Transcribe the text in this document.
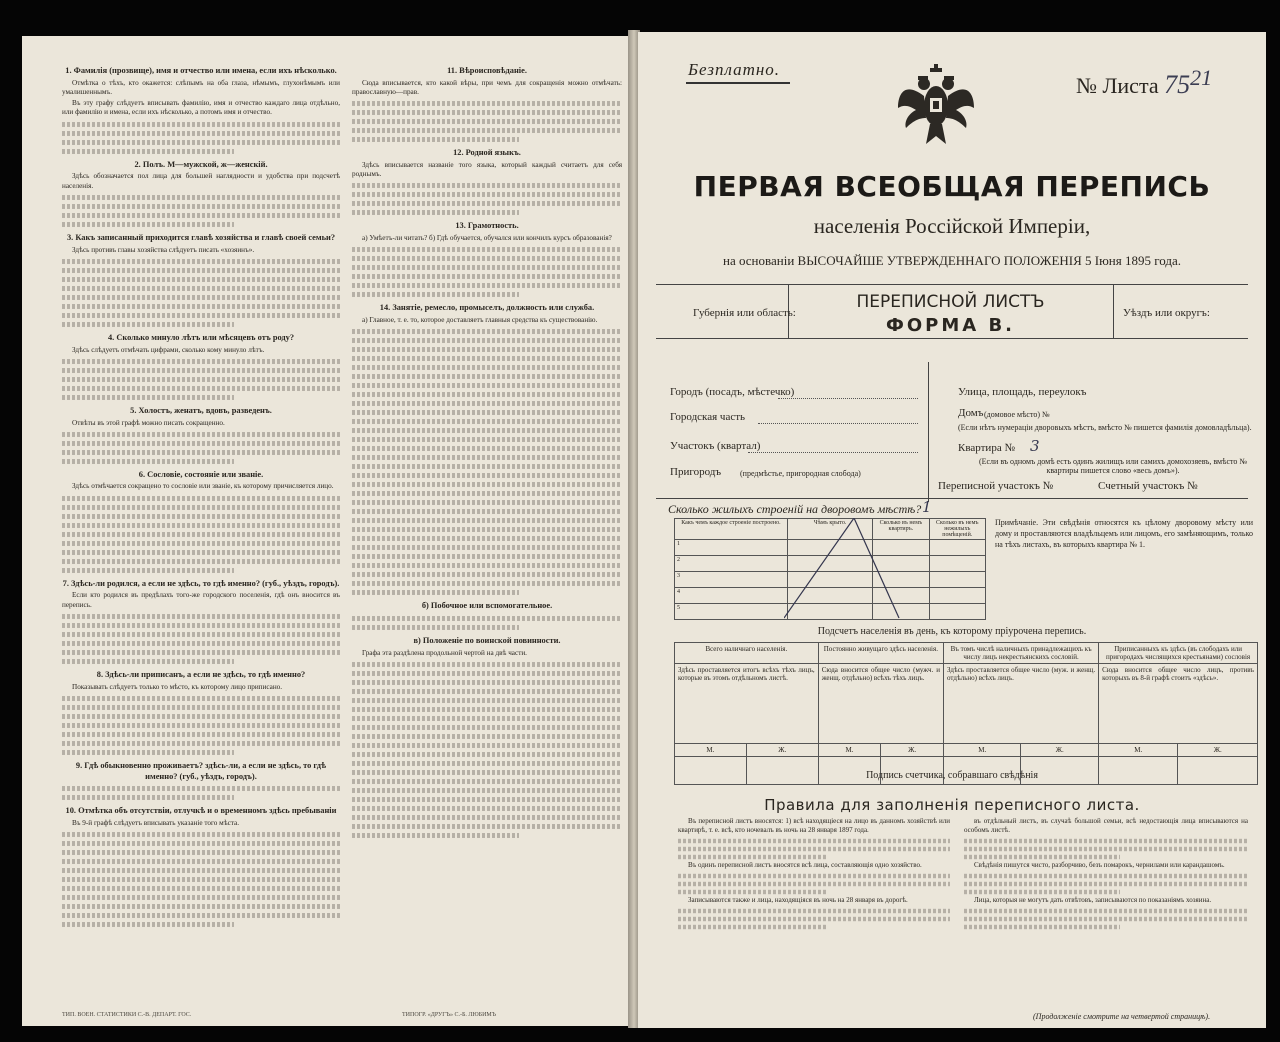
1. Фамилія (прозвище), имя и отчество или имена, если ихъ нѣсколько.

Отмѣтка о тѣхъ, кто окажется: слѣпымъ на оба глаза, нѣмымъ, глухонѣмымъ или умалишеннымъ.

Въ эту графу слѣдуетъ вписывать фамилію, имя и отчество каждаго лица отдѣльно, или фамилію и имена, если ихъ нѣсколько, а потомъ имя и отчество.

2. Полъ. М—мужской, ж—женскій.

Здѣсь обозначается пол лица для большей наглядности и удобства при подсчетѣ населенія.

3. Какъ записанный приходится главѣ хозяйства и главѣ своей семьи?

Здѣсь противъ главы хозяйства слѣдуетъ писать «хозяинъ».

4. Сколько минуло лѣтъ или мѣсяцевъ отъ роду?

Здѣсь слѣдуетъ отмѣчать цифрами, сколько кому минуло лѣтъ.

5. Холостъ, женатъ, вдовъ, разведенъ.

Отвѣты въ этой графѣ можно писать сокращенно.

6. Сословіе, состояніе или званіе.

Здѣсь отмѣчается сокращено то сословіе или званіе, къ которому причисляется лицо.

7. Здѣсь-ли родился, а если не здѣсь, то гдѣ именно? (губ., уѣздъ, городъ).

Если кто родился въ предѣлахъ того-же городского поселенія, гдѣ онъ вносится въ перепись.

8. Здѣсь-ли приписанъ, а если не здѣсь, то гдѣ именно?

Показывать слѣдуетъ только то мѣсто, къ которому лицо приписано.

9. Гдѣ обыкновенно проживаетъ? здѣсь-ли, а если не здѣсь, то гдѣ именно? (губ., уѣздъ, городъ).
10. Отмѣтка объ отсутствіи, отлучкѣ и о временномъ здѣсь пребываніи

Въ 9-й графѣ слѣдуетъ вписывать указаніе того мѣста.

11. Вѣроисповѣданіе.

Сюда вписывается, кто какой вѣры, при чемъ для сокращенія можно отмѣчать: православную—прав.

12. Родной языкъ.

Здѣсь вписывается названіе того языка, который каждый считаетъ для себя роднымъ.

13. Грамотность.

а) Умѣетъ-ли читать? б) Гдѣ обучается, обучался или кончилъ курсъ образованія?

14. Занятіе, ремесло, промыселъ, должность или служба.

а) Главное, т. е. то, которое доставляетъ главныя средства къ существованію.

б) Побочное или вспомогательное.
в) Положеніе по воинской повинности.

Графа эта раздѣлена продольной чертой на двѣ части.

ТИП. ВОЕН. СТАТИСТИКИ С.-В. ДЕПАРТ. ГОС.	ТИПОГР. «ДРУГЪ» С.-Б. ЛЮБИМЪ
Безплатно.
№ Листа 7521
ПЕРВАЯ ВСЕОБЩАЯ ПЕРЕПИСЬ
населенія Россійской Имперіи,
на основаніи ВЫСОЧАЙШЕ УТВЕРЖДЕННАГО ПОЛОЖЕНІЯ 5 Іюня 1895 года.
Губернія или область:	Уѣздъ или округъ:
ПЕРЕПИСНОЙ ЛИСТЪ
ФОРМА В.
Городъ (посадъ, мѣстечко)
Городская часть
Участокъ (квартал)
Пригородъ (предмѣстье, пригородная слобода)
Улица, площадь, переулокъ
Домъ (домовое мѣсто) №
(Если нѣтъ нумераціи дворовыхъ мѣстъ, вмѣсто № пишется фамилія домовладѣльца).
Квартира № 3
(Если въ одномъ домѣ есть одинъ жилищъ или самихъ домохозяевъ, вмѣсто № квартиры пишется слово «весь домъ»).
Переписной участокъ №	Счетный участокъ №
Сколько жилыхъ строеній на дворовомъ мѣстѣ? 1
Какъ чемъ каждое строеніе построено.	Чѣмъ крыто.	Сколько въ немъ квартиръ.	Сколько въ немъ нежилыхъ помѣщеній.
1			
2			
3			
4			
5			
Примѣчаніе. Эти свѣдѣнія относятся къ цѣлому дворовому мѣсту или дому и проставляются владѣльцемъ или лицомъ, его замѣняющимъ, только на тѣхъ листахъ, въ которыхъ квартира № 1.
Подсчетъ населенія въ день, къ которому пріурочена перепись.
Всего наличнаго населенія.		Постоянно живущаго здѣсь населенія.		Въ томъ числѣ наличныхъ принадлежащихъ къ числу лицъ некрестьянскихъ сословій.		Приписанныхъ къ здѣсь (въ слободахъ или пригородахъ числящихся крестьянами) сословія	
Здѣсь проставляется итогъ всѣхъ тѣхъ лицъ, которые въ этомъ отдѣльномъ листѣ.		Сюда вносится общее число (мужч. и женщ. отдѣльно) всѣхъ тѣхъ лицъ.		Здѣсь проставляется общее число (муж. и женщ. отдѣльно) всѣхъ лицъ.		Сюда вносится общее число лицъ, противъ которыхъ въ 8-й графѣ стоитъ «здѣсь».	
М.	Ж.	М.	Ж.	М.	Ж.	М.	Ж.

Подпись счетчика, собравшаго свѣдѣнія
Правила для заполненія переписного листа.

Въ переписной листъ вносятся: 1) всѣ находящіеся на лицо въ данномъ хозяйствѣ или квартирѣ, т. е. всѣ, кто ночевалъ въ ночь на 28 января 1897 года.

Въ одинъ переписной листъ вносятся всѣ лица, составляющія одно хозяйство.

Записываются также и лица, находящіяся въ ночь на 28 января въ дорогѣ.

въ отдѣльный листъ, въ случаѣ большой семьи, всѣ недостающія лица вписываются на особомъ листѣ.

Свѣдѣнія пишутся чисто, разборчиво, безъ помарокъ, чернилами или карандашомъ.

Лица, которыя не могутъ дать отвѣтовъ, записываются по показаніямъ хозяина.

(Продолженіе смотрите на четвертой страницѣ).
